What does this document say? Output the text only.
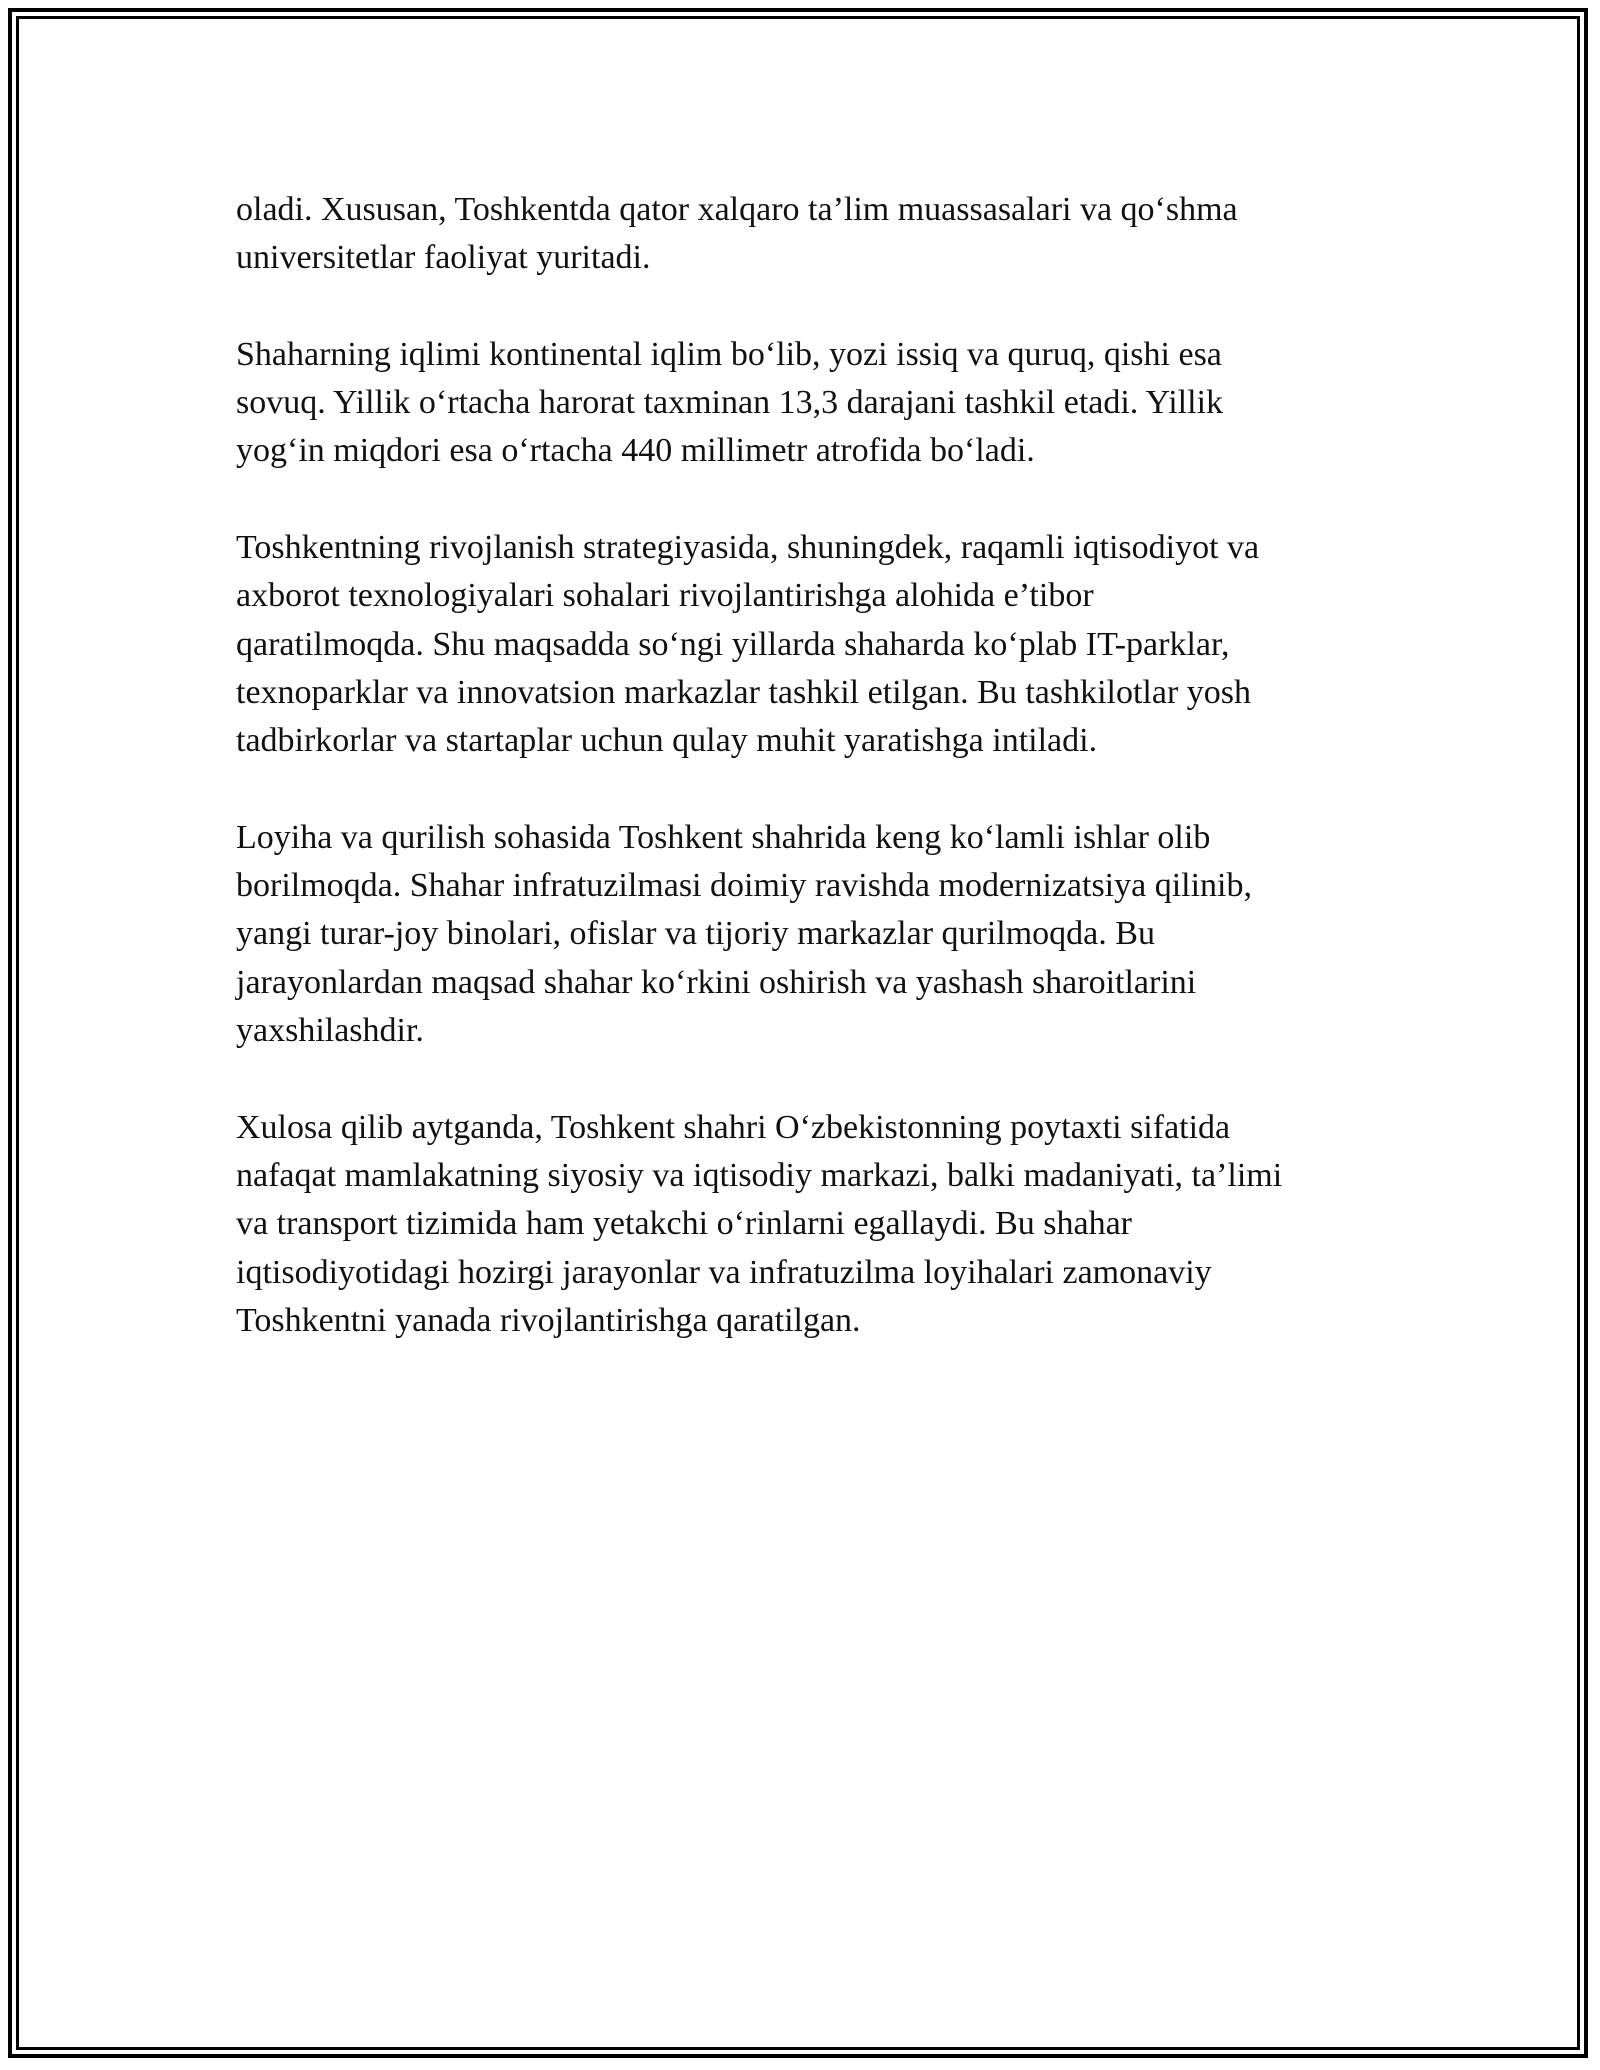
oladi. Xususan, Toshkentda qator xalqaro ta’lim muassasalari va qo‘shma
universitetlar faoliyat yuritadi.

Shaharning iqlimi kontinental iqlim bo‘lib, yozi issiq va quruq, qishi esa
sovuq. Yillik o‘rtacha harorat taxminan 13,3 darajani tashkil etadi. Yillik
yog‘in miqdori esa o‘rtacha 440 millimetr atrofida bo‘ladi.

Toshkentning rivojlanish strategiyasida, shuningdek, raqamli iqtisodiyot va
axborot texnologiyalari sohalari rivojlantirishga alohida e’tibor
qaratilmoqda. Shu maqsadda so‘ngi yillarda shaharda ko‘plab IT-parklar,
texnoparklar va innovatsion markazlar tashkil etilgan. Bu tashkilotlar yosh
tadbirkorlar va startaplar uchun qulay muhit yaratishga intiladi.

Loyiha va qurilish sohasida Toshkent shahrida keng ko‘lamli ishlar olib
borilmoqda. Shahar infratuzilmasi doimiy ravishda modernizatsiya qilinib,
yangi turar-joy binolari, ofislar va tijoriy markazlar qurilmoqda. Bu
jarayonlardan maqsad shahar ko‘rkini oshirish va yashash sharoitlarini
yaxshilashdir.

Xulosa qilib aytganda, Toshkent shahri O‘zbekistonning poytaxti sifatida
nafaqat mamlakatning siyosiy va iqtisodiy markazi, balki madaniyati, ta’limi
va transport tizimida ham yetakchi o‘rinlarni egallaydi. Bu shahar
iqtisodiyotidagi hozirgi jarayonlar va infratuzilma loyihalari zamonaviy
Toshkentni yanada rivojlantirishga qaratilgan.
